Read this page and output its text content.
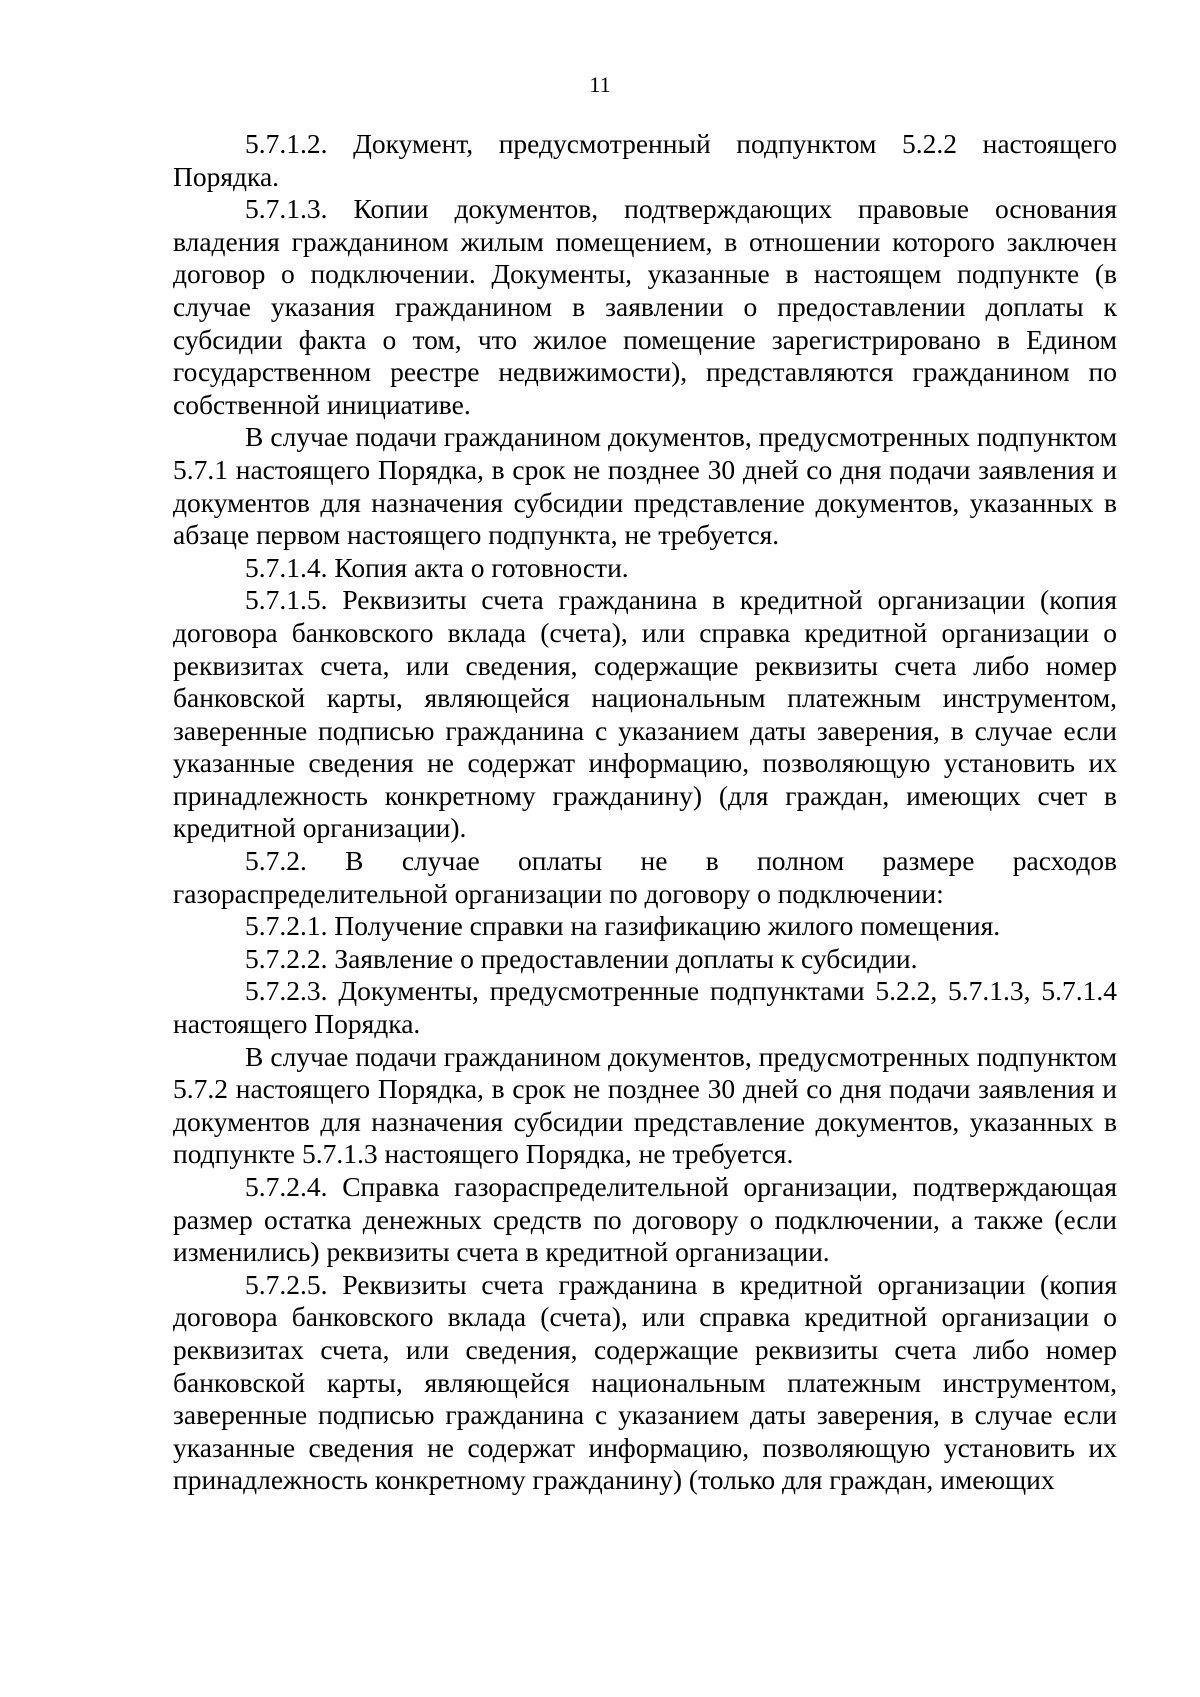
11

5.7.1.2. Документ, предусмотренный подпунктом 5.2.2 настоящего Порядка.

5.7.1.3. Копии документов, подтверждающих правовые основания владения гражданином жилым помещением, в отношении которого заключен договор о подключении. Документы, указанные в настоящем подпункте (в случае указания гражданином в заявлении о предоставлении доплаты к субсидии факта о том, что жилое помещение зарегистрировано в Едином государственном реестре недвижимости), представляются гражданином по собственной инициативе.

В случае подачи гражданином документов, предусмотренных подпунктом 5.7.1 настоящего Порядка, в срок не позднее 30 дней со дня подачи заявления и документов для назначения субсидии представление документов, указанных в абзаце первом настоящего подпункта, не требуется.

5.7.1.4. Копия акта о готовности.

5.7.1.5. Реквизиты счета гражданина в кредитной организации (копия договора банковского вклада (счета), или справка кредитной организации о реквизитах счета, или сведения, содержащие реквизиты счета либо номер банковской карты, являющейся национальным платежным инструментом, заверенные подписью гражданина с указанием даты заверения, в случае если указанные сведения не содержат информацию, позволяющую установить их принадлежность конкретному гражданину) (для граждан, имеющих счет в кредитной организации).

5.7.2. В случае оплаты не в полном размере расходов газораспределительной организации по договору о подключении:

5.7.2.1. Получение справки на газификацию жилого помещения.

5.7.2.2. Заявление о предоставлении доплаты к субсидии.

5.7.2.3. Документы, предусмотренные подпунктами 5.2.2, 5.7.1.3, 5.7.1.4 настоящего Порядка.

В случае подачи гражданином документов, предусмотренных подпунктом 5.7.2 настоящего Порядка, в срок не позднее 30 дней со дня подачи заявления и документов для назначения субсидии представление документов, указанных в подпункте 5.7.1.3 настоящего Порядка, не требуется.

5.7.2.4. Справка газораспределительной организации, подтверждающая размер остатка денежных средств по договору о подключении, а также (если изменились) реквизиты счета в кредитной организации.

5.7.2.5. Реквизиты счета гражданина в кредитной организации (копия договора банковского вклада (счета), или справка кредитной организации о реквизитах счета, или сведения, содержащие реквизиты счета либо номер банковской карты, являющейся национальным платежным инструментом, заверенные подписью гражданина с указанием даты заверения, в случае если указанные сведения не содержат информацию, позволяющую установить их принадлежность конкретному гражданину) (только для граждан, имеющих
